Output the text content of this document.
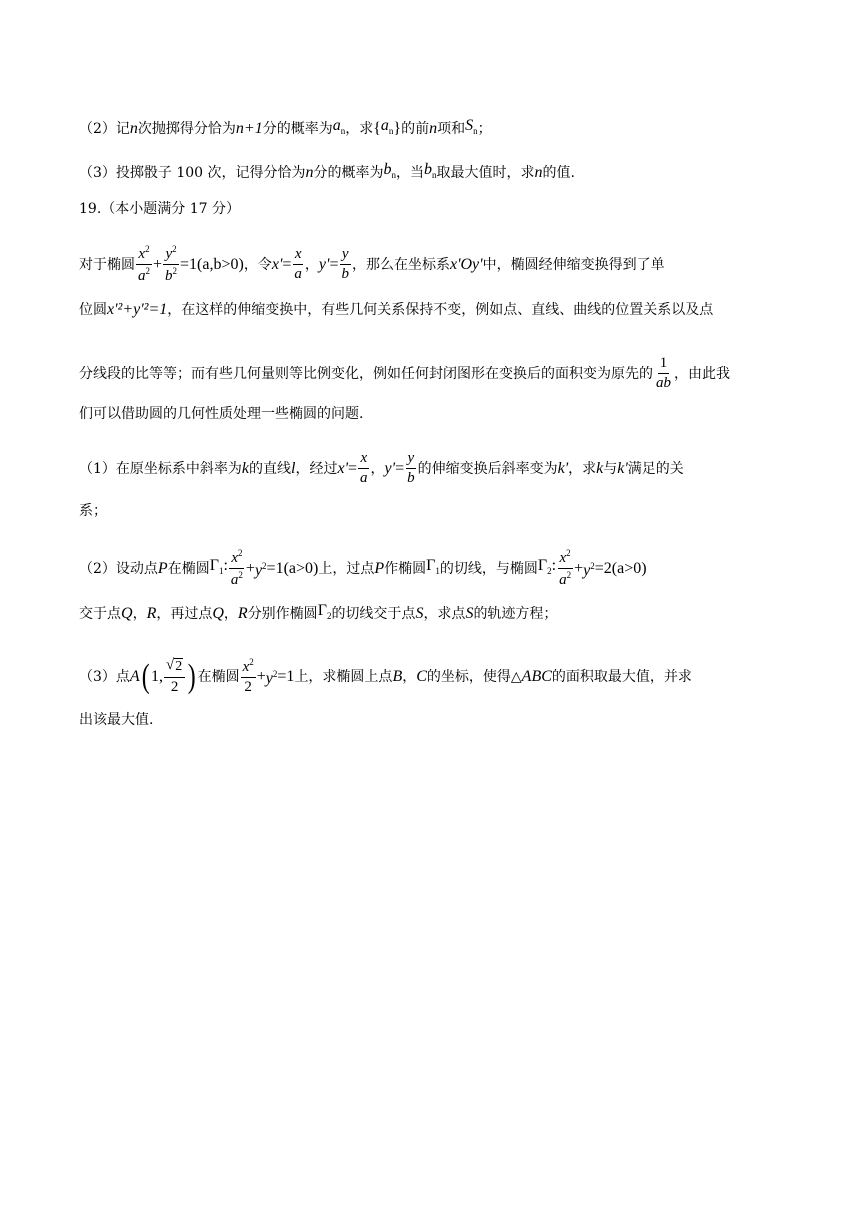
（2）记 n 次抛掷得分恰为 n+1 分的概率为 $a_n$ ，求 { $a_n$ } 的前 n 项和 $S_n$ ；
（3）投掷骰子 100 次，记得分恰为 n 分的概率为 $b_n$ ，当 $b_n$ 取最大值时，求 n 的值.
19.（本小题满分 17 分）
对于椭圆 $\frac{x^2}{a^2} + \frac{y^2}{b^2} =1(a,b>0)$ ，令 $x' = \frac{x}{a}$ ， $y' = \frac{y}{b}$ ，那么在坐标系 x'Oy' 中，椭圆经伸缩变换得到了单
位圆 x'²+y'²=1 ，在这样的伸缩变换中，有些几何关系保持不变，例如点、直线、曲线的位置关系以及点
分线段的比等等；而有些几何量则等比例变化，例如任何封闭图形在变换后的面积变为原先的 $\frac{1}{ab}$ ，由此我
们可以借助圆的几何性质处理一些椭圆的问题.
（1）在原坐标系中斜率为 k 的直线 l ，经过 $x' = \frac{x}{a}$ ， $y' = \frac{y}{b}$ 的伸缩变换后斜率变为 k' ，求 k 与 k' 满足的关
系；
（2）设动点 P 在椭圆 $\Gamma_1$: $\frac{x^2}{a^2} + y^2 =1(a>0)$ 上，过点 P 作椭圆 $\Gamma_1$ 的切线，与椭圆 $\Gamma_2$: $\frac{x^2}{a^2} + y^2 =2(a>0)$
交于点 Q ， R ，再过点 Q ， R 分别作椭圆 $\Gamma_2$ 的切线交于点 S ，求点 S 的轨迹方程；
（3）点 A ( 1, $\frac{√ 2}{2}$ ) 在椭圆 $\frac{x^2}{2} + y^2 =1$ 上，求椭圆上点 B ， C 的坐标，使得△ ABC 的面积取最大值，并求
出该最大值.
